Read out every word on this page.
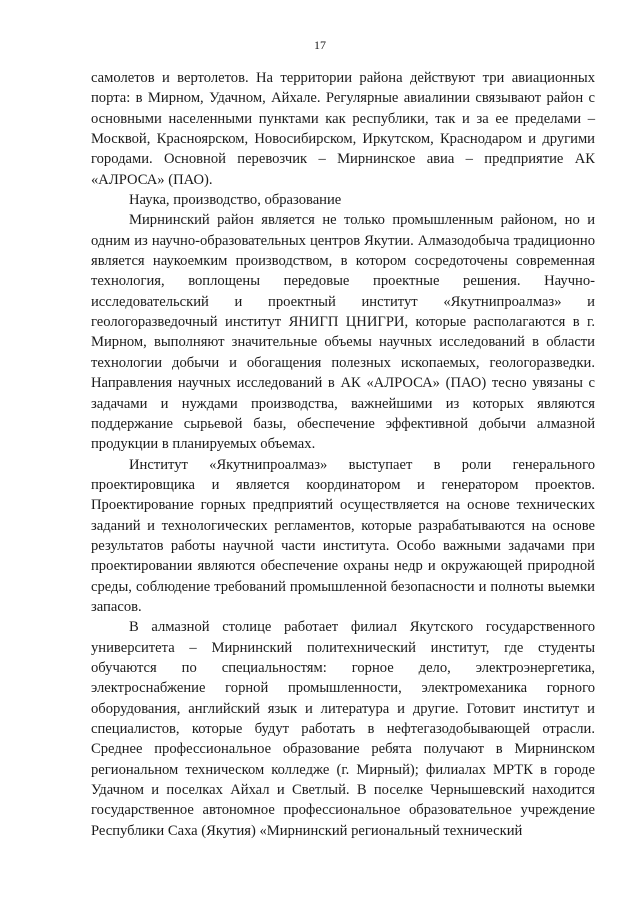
17

самолетов и вертолетов. На территории района действуют три авиационных порта: в Мирном, Удачном, Айхале. Регулярные авиалинии связывают район с основными населенными пунктами как республики, так и за ее пределами – Москвой, Красноярском, Новосибирском, Иркутском, Краснодаром и другими городами. Основной перевозчик – Мирнинское авиа – предприятие АК «АЛРОСА» (ПАО).

Наука, производство, образование

Мирнинский район является не только промышленным районом, но и одним из научно-образовательных центров Якутии. Алмазодобыча традиционно является наукоемким производством, в котором сосредоточены современная технология, воплощены передовые проектные решения. Научно-исследовательский и проектный институт «Якутнипроалмаз» и геологоразведочный институт ЯНИГП ЦНИГРИ, которые располагаются в г. Мирном, выполняют значительные объемы научных исследований в области технологии добычи и обогащения полезных ископаемых, геологоразведки. Направления научных исследований в АК «АЛРОСА» (ПАО) тесно увязаны с задачами и нуждами производства, важнейшими из которых являются поддержание сырьевой базы, обеспечение эффективной добычи алмазной продукции в планируемых объемах.

Институт «Якутнипроалмаз» выступает в роли генерального проектировщика и является координатором и генератором проектов. Проектирование горных предприятий осуществляется на основе технических заданий и технологических регламентов, которые разрабатываются на основе результатов работы научной части института. Особо важными задачами при проектировании являются обеспечение охраны недр и окружающей природной среды, соблюдение требований промышленной безопасности и полноты выемки запасов.

В алмазной столице работает филиал Якутского государственного университета – Мирнинский политехнический институт, где студенты обучаются по специальностям: горное дело, электроэнергетика, электроснабжение горной промышленности, электромеханика горного оборудования, английский язык и литература и другие. Готовит институт и специалистов, которые будут работать в нефтегазодобывающей отрасли. Среднее профессиональное образование ребята получают в Мирнинском региональном техническом колледже (г. Мирный); филиалах МРТК в городе Удачном и поселках Айхал и Светлый. В поселке Чернышевский находится государственное автономное профессиональное образовательное учреждение Республики Саха (Якутия) «Мирнинский региональный технический
